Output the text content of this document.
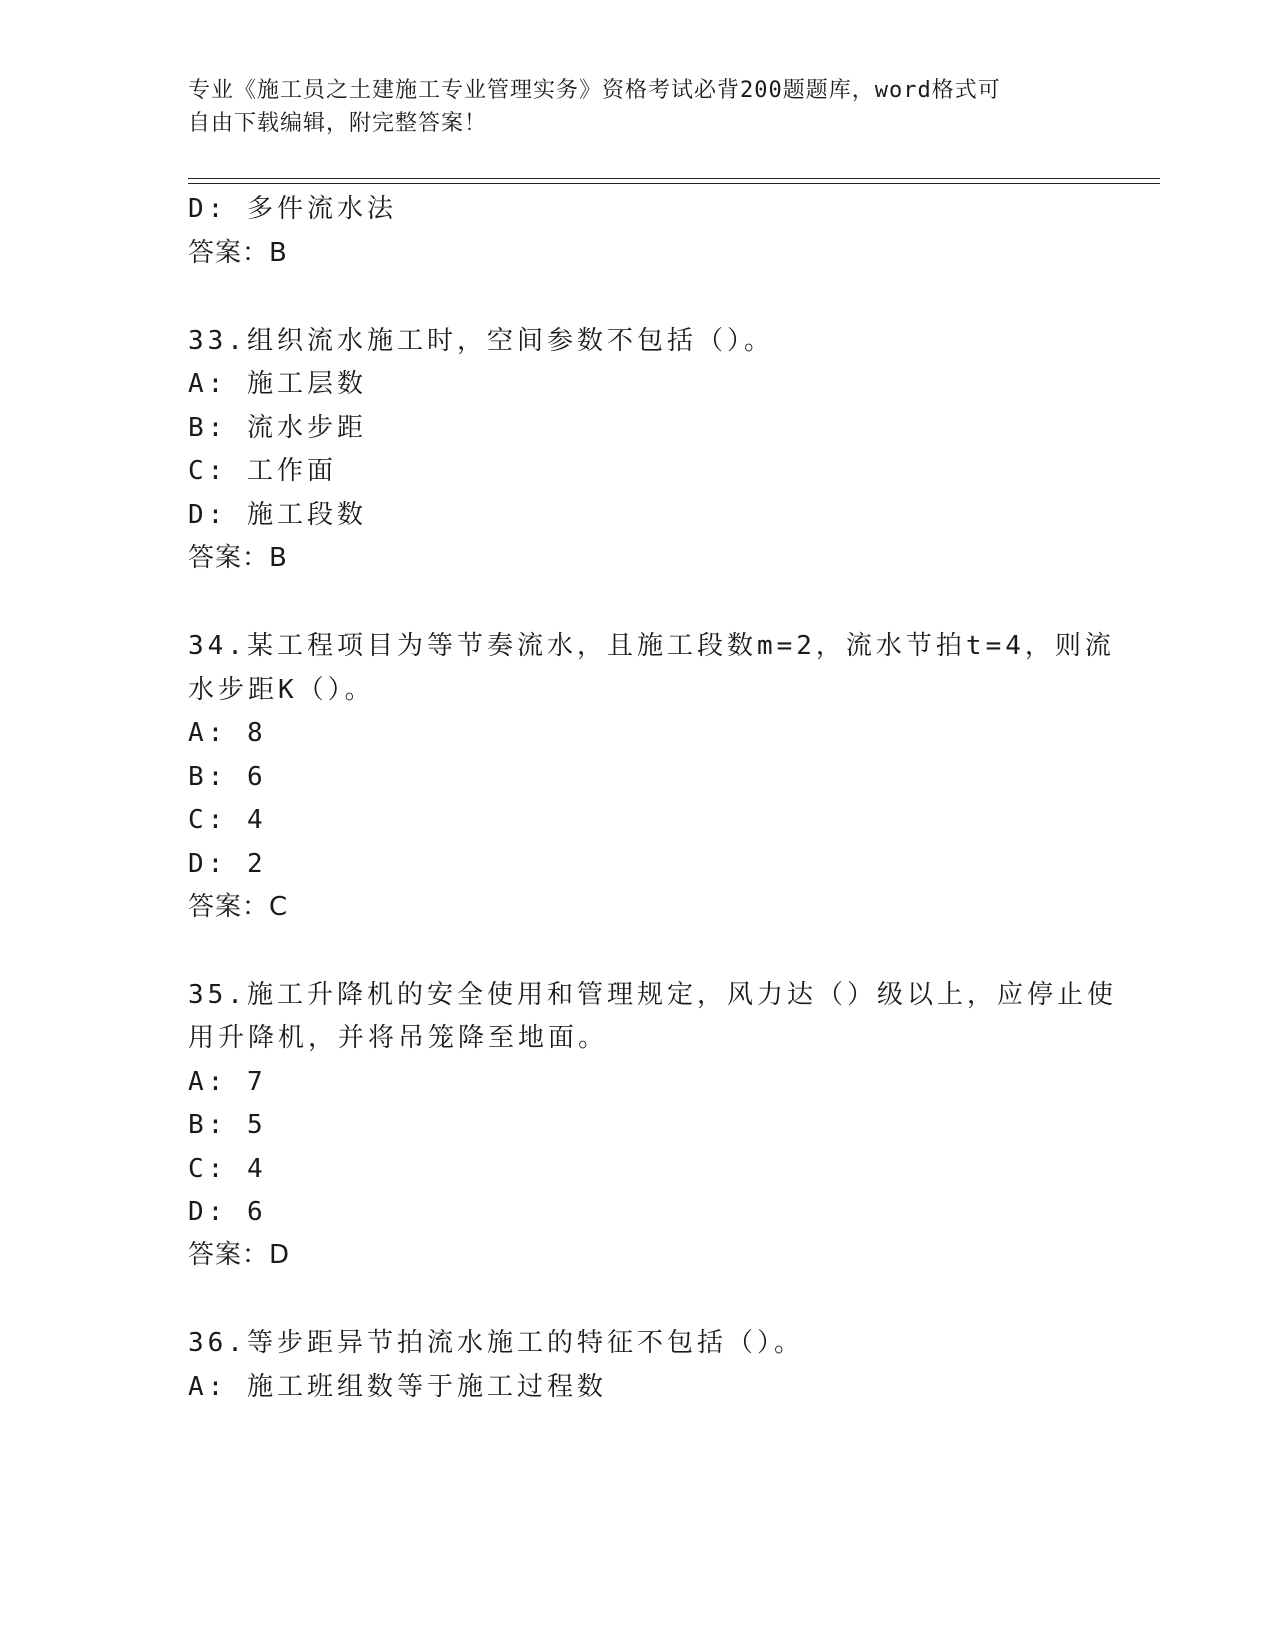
专业《施工员之土建施工专业管理实务》资格考试必背200题题库，word格式可
自由下载编辑，附完整答案！
D: 多件流水法
答案：B
33.组织流水施工时，空间参数不包括（）。
A: 施工层数
B: 流水步距
C: 工作面
D: 施工段数
答案：B
34.某工程项目为等节奏流水，且施工段数m=2，流水节拍t=4，则流
水步距K（）。
A: 8
B: 6
C: 4
D: 2
答案：C
35.施工升降机的安全使用和管理规定，风力达（）级以上，应停止使
用升降机，并将吊笼降至地面。
A: 7
B: 5
C: 4
D: 6
答案：D
36.等步距异节拍流水施工的特征不包括（）。
A: 施工班组数等于施工过程数
